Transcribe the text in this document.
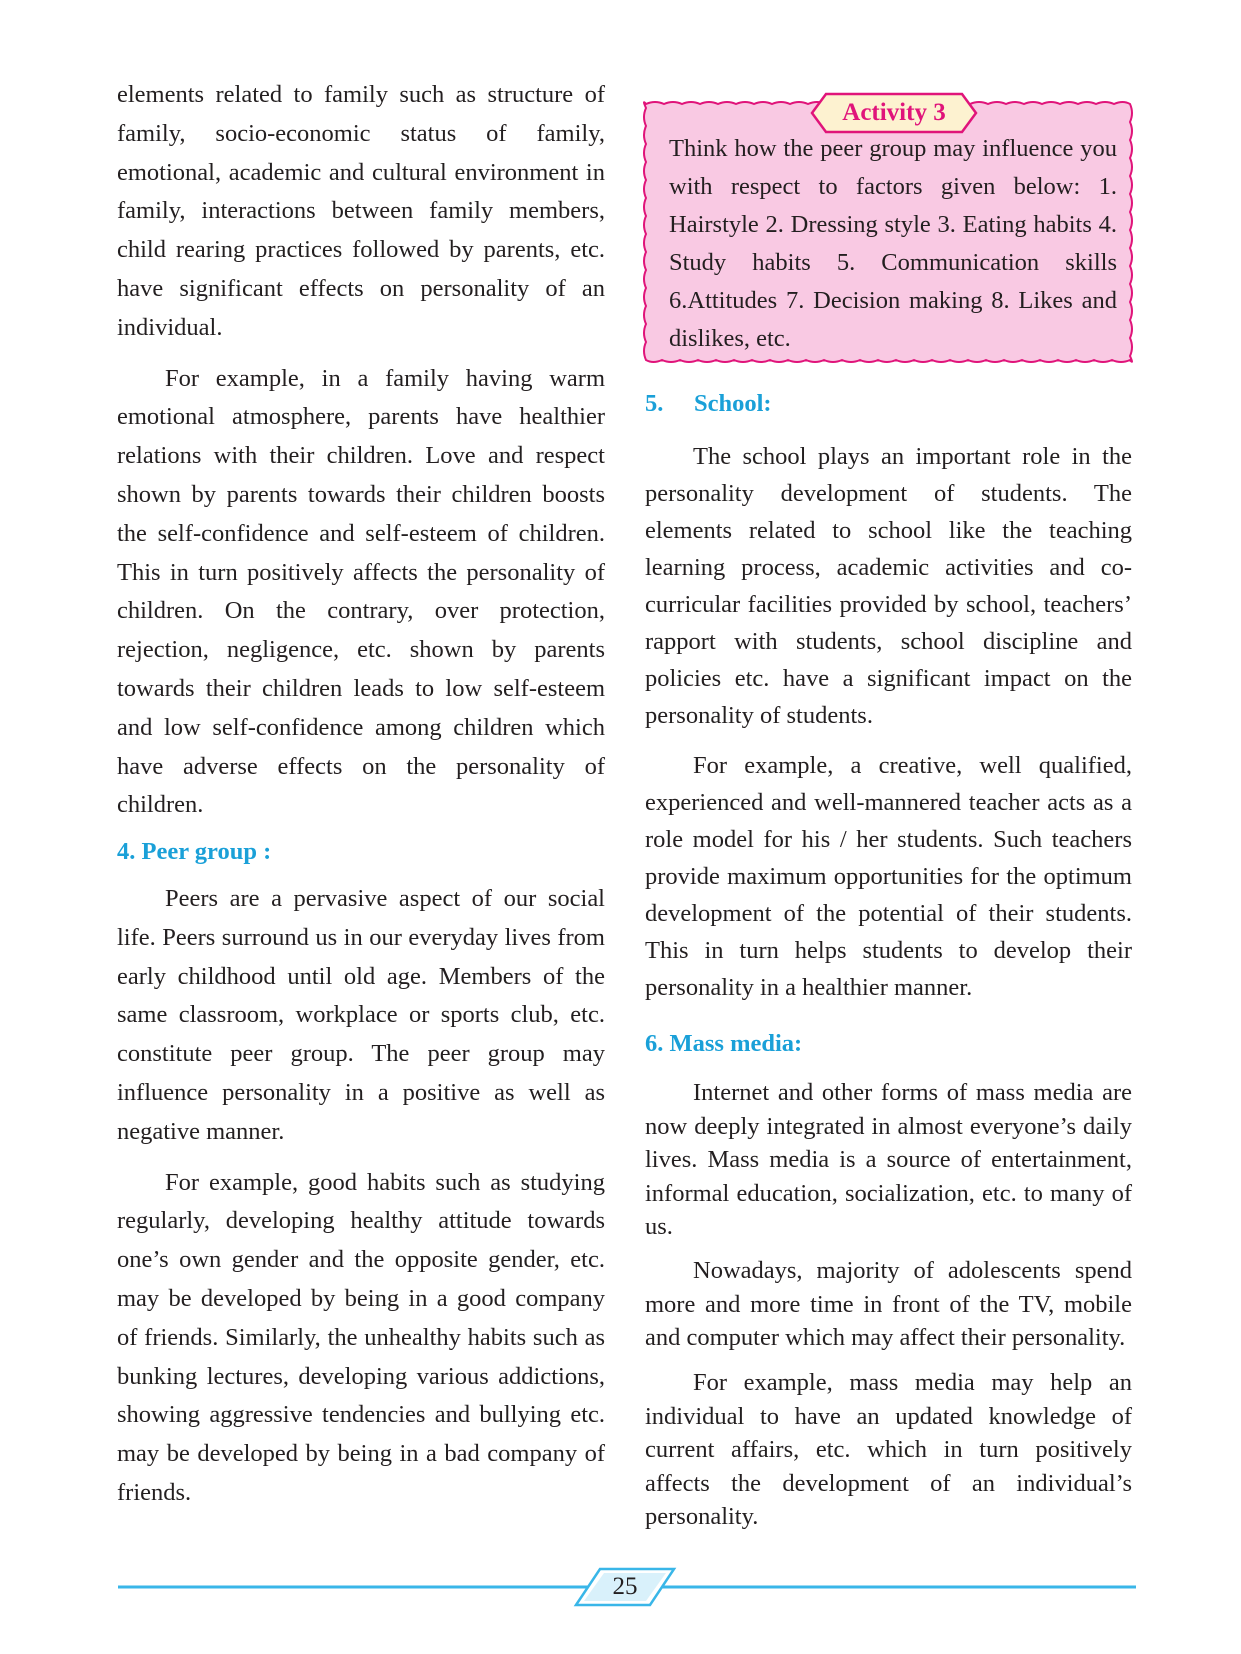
elements related to family such as structure of family, socio-economic status of family, emotional, academic and cultural environment in family, interactions between family members, child rearing practices followed by parents, etc. have significant effects on personality of an individual.

For example, in a family having warm emotional atmosphere, parents have healthier relations with their children. Love and respect shown by parents towards their children boosts the self-confidence and self-esteem of children. This in turn positively affects the personality of children. On the contrary, over protection, rejection, negligence, etc. shown by parents towards their children leads to low self-esteem and low self-confidence among children which have adverse effects on the personality of children.

4. Peer group :

Peers are a pervasive aspect of our social life. Peers surround us in our everyday lives from early childhood until old age. Members of the same classroom, workplace or sports club, etc. constitute peer group. The peer group may influence personality in a positive as well as negative manner.

For example, good habits such as studying regularly, developing healthy attitude towards one’s own gender and the opposite gender, etc. may be developed by being in a good company of friends. Similarly, the unhealthy habits such as bunking lectures, developing various addictions, showing aggressive tendencies and bullying etc. may be developed by being in a bad company of friends.

Activity 3

Think how the peer group may influence you with respect to factors given below: 1. Hairstyle 2. Dressing style 3. Eating habits 4. Study habits 5. Communication skills 6.Attitudes 7. Decision making 8. Likes and dislikes, etc.

5. School:

The school plays an important role in the personality development of students. The elements related to school like the teaching learning process, academic activities and co-curricular facilities provided by school, teachers’ rapport with students, school discipline and policies etc. have a significant impact on the personality of students.

For example, a creative, well qualified, experienced and well-mannered teacher acts as a role model for his / her students. Such teachers provide maximum opportunities for the optimum development of the potential of their students. This in turn helps students to develop their personality in a healthier manner.

6. Mass media:

Internet and other forms of mass media are now deeply integrated in almost everyone’s daily lives. Mass media is a source of entertainment, informal education, socialization, etc. to many of us.

Nowadays, majority of adolescents spend more and more time in front of the TV, mobile and computer which may affect their personality.

For example, mass media may help an individual to have an updated knowledge of current affairs, etc. which in turn positively affects the development of an individual’s personality.

25
